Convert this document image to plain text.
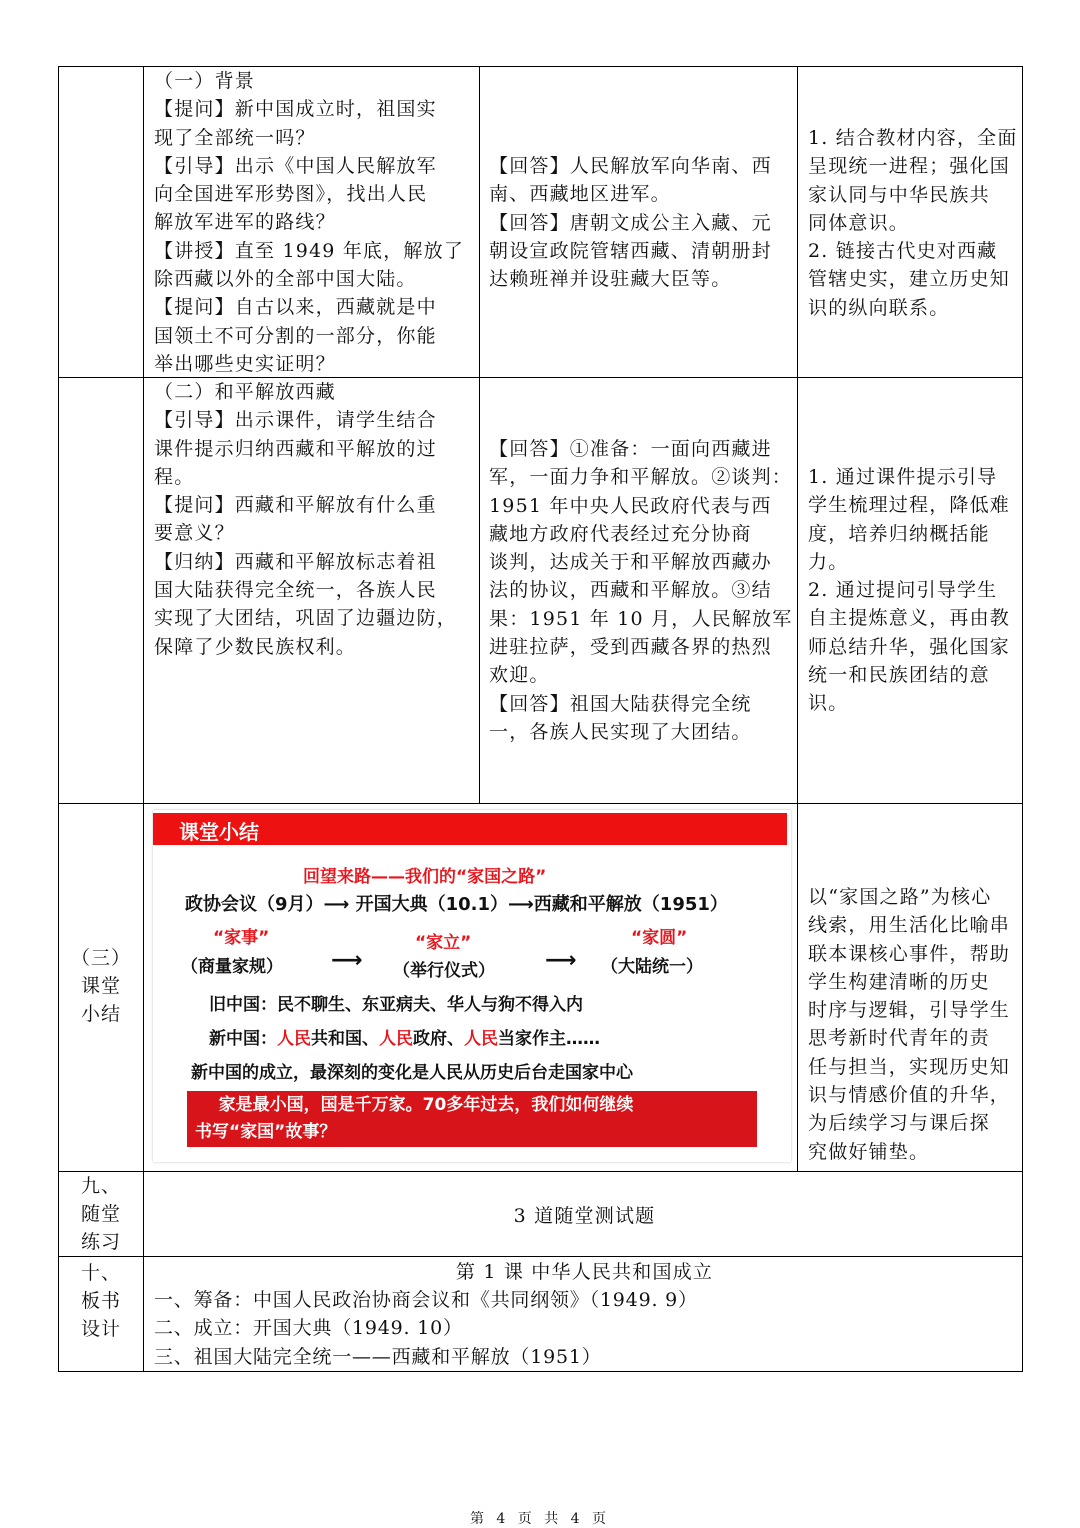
（一）背景
【提问】新中国成立时，祖国实
现了全部统一吗？
【引导】出示《中国人民解放军
向全国进军形势图》，找出人民
解放军进军的路线？
【讲授】直至 1949 年底，解放了
除西藏以外的全部中国大陆。
【提问】自古以来，西藏就是中
国领土不可分割的一部分，你能
举出哪些史实证明？
【回答】人民解放军向华南、西
南、西藏地区进军。
【回答】唐朝文成公主入藏、元
朝设宣政院管辖西藏、清朝册封
达赖班禅并设驻藏大臣等。
1. 结合教材内容，全面
呈现统一进程；强化国
家认同与中华民族共
同体意识。
2. 链接古代史对西藏
管辖史实，建立历史知
识的纵向联系。
（二）和平解放西藏
【引导】出示课件，请学生结合
课件提示归纳西藏和平解放的过
程。
【提问】西藏和平解放有什么重
要意义？
【归纳】西藏和平解放标志着祖
国大陆获得完全统一，各族人民
实现了大团结，巩固了边疆边防，
保障了少数民族权利。
【回答】①准备：一面向西藏进
军，一面力争和平解放。②谈判：
1951 年中央人民政府代表与西
藏地方政府代表经过充分协商
谈判，达成关于和平解放西藏办
法的协议，西藏和平解放。③结
果：1951 年 10 月，人民解放军
进驻拉萨，受到西藏各界的热烈
欢迎。
【回答】祖国大陆获得完全统
一，各族人民实现了大团结。
1. 通过课件提示引导
学生梳理过程，降低难
度，培养归纳概括能
力。
2. 通过提问引导学生
自主提炼意义，再由教
师总结升华，强化国家
统一和民族团结的意
识。
（三）
课堂
小结
课堂小结
回望来路——我们的“家国之路”
政协会议（9月）⟶ 开国大典（10.1）⟶西藏和平解放（1951）
“家事”	“家立”	“家圆”
（商量家规） ⟶ （举行仪式） ⟶ （大陆统一）
旧中国：民不聊生、东亚病夫、华人与狗不得入内
新中国：人民共和国、人民政府、人民当家作主……
新中国的成立，最深刻的变化是人民从历史后台走国家中心
家是最小国，国是千万家。70多年过去，我们如何继续
书写“家国”故事？
以“家国之路”为核心
线索，用生活化比喻串
联本课核心事件，帮助
学生构建清晰的历史
时序与逻辑，引导学生
思考新时代青年的责
任与担当，实现历史知
识与情感价值的升华，
为后续学习与课后探
究做好铺垫。
九、
随堂
练习
3 道随堂测试题
十、
板书
设计
第 1 课 中华人民共和国成立
一、筹备：中国人民政治协商会议和《共同纲领》（1949. 9）
二、成立：开国大典（1949. 10）
三、祖国大陆完全统一——西藏和平解放（1951）
第 4 页 共 4 页
